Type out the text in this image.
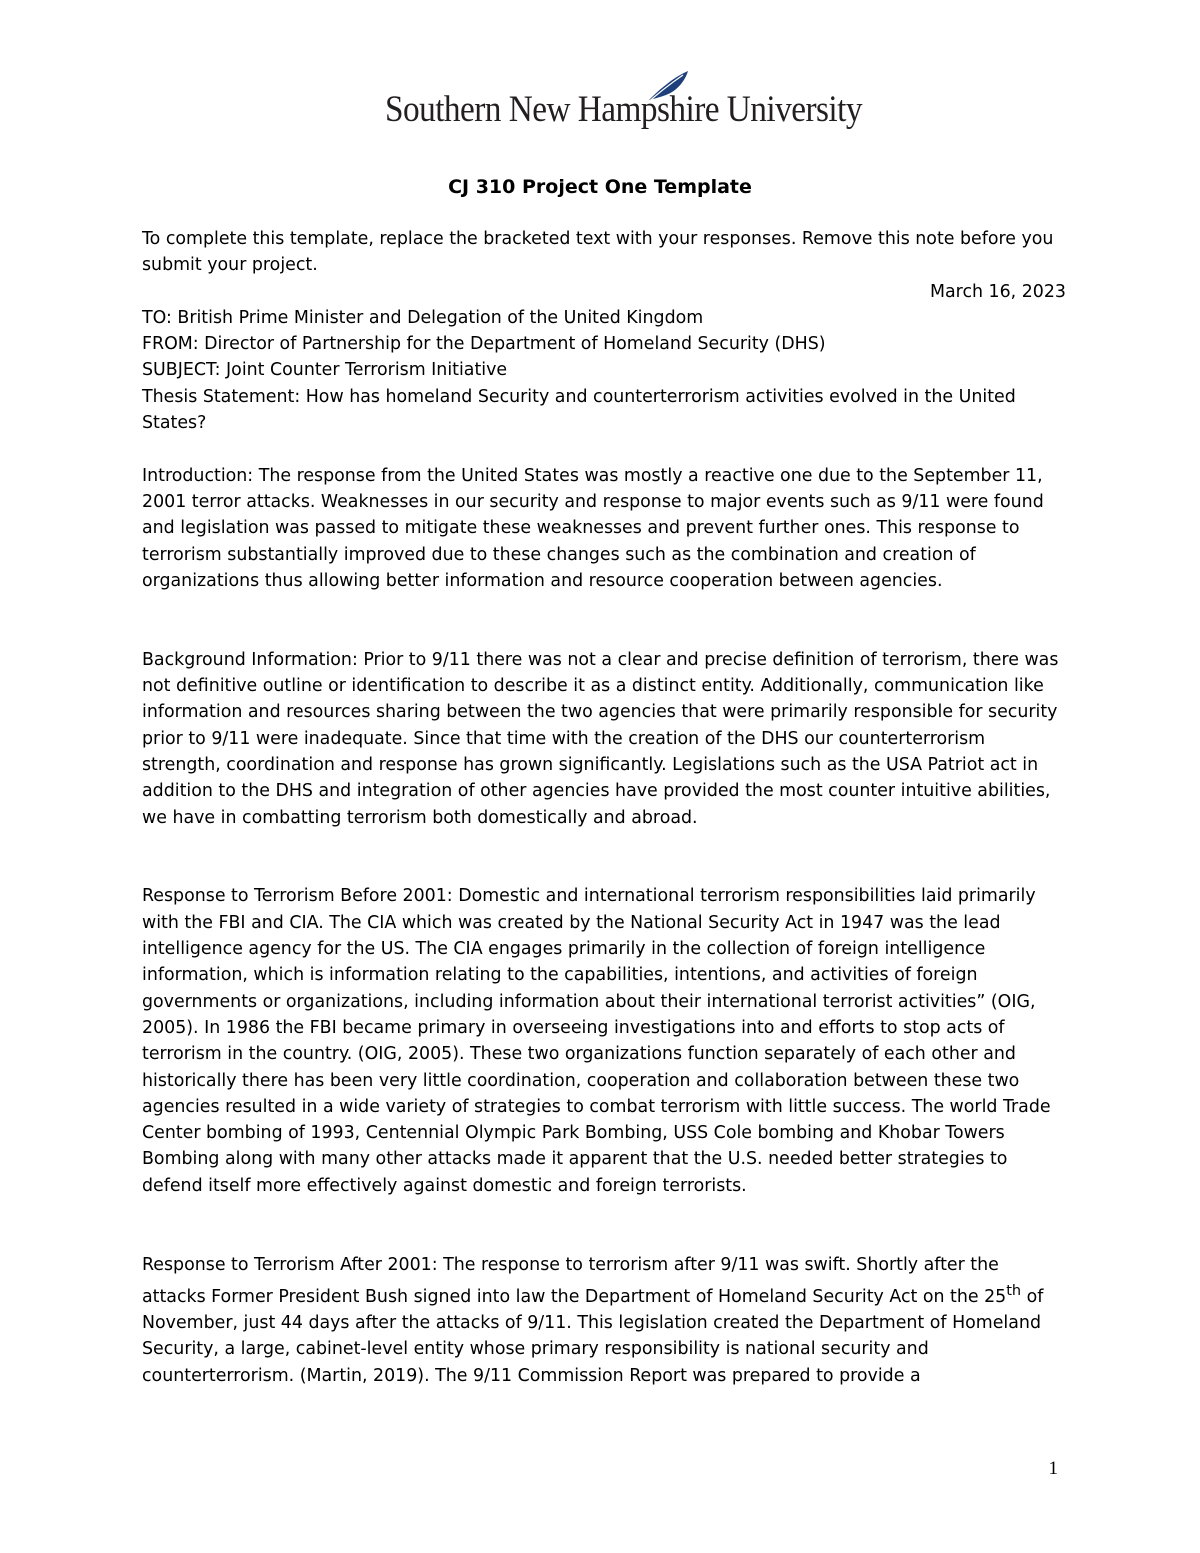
Southern New Hampshire University
CJ 310 Project One Template

To complete this template, replace the bracketed text with your responses. Remove this note before you submit your project.

March 16, 2023

TO: British Prime Minister and Delegation of the United Kingdom

FROM: Director of Partnership for the Department of Homeland Security (DHS)

SUBJECT: Joint Counter Terrorism Initiative

Thesis Statement: How has homeland Security and counterterrorism activities evolved in the United States?

Introduction: The response from the United States was mostly a reactive one due to the September 11, 2001 terror attacks. Weaknesses in our security and response to major events such as 9/11 were found and legislation was passed to mitigate these weaknesses and prevent further ones. This response to terrorism substantially improved due to these changes such as the combination and creation of organizations thus allowing better information and resource cooperation between agencies.

Background Information: Prior to 9/11 there was not a clear and precise definition of terrorism, there was not definitive outline or identification to describe it as a distinct entity. Additionally, communication like information and resources sharing between the two agencies that were primarily responsible for security prior to 9/11 were inadequate. Since that time with the creation of the DHS our counterterrorism strength, coordination and response has grown significantly. Legislations such as the USA Patriot act in addition to the DHS and integration of other agencies have provided the most counter intuitive abilities, we have in combatting terrorism both domestically and abroad.

Response to Terrorism Before 2001: Domestic and international terrorism responsibilities laid primarily with the FBI and CIA. The CIA which was created by the National Security Act in 1947 was the lead intelligence agency for the US. The CIA engages primarily in the collection of foreign intelligence information, which is information relating to the capabilities, intentions, and activities of foreign governments or organizations, including information about their international terrorist activities” (OIG, 2005). In 1986 the FBI became primary in overseeing investigations into and efforts to stop acts of terrorism in the country. (OIG, 2005). These two organizations function separately of each other and historically there has been very little coordination, cooperation and collaboration between these two agencies resulted in a wide variety of strategies to combat terrorism with little success. The world Trade Center bombing of 1993, Centennial Olympic Park Bombing, USS Cole bombing and Khobar Towers Bombing along with many other attacks made it apparent that the U.S. needed better strategies to defend itself more effectively against domestic and foreign terrorists.

Response to Terrorism After 2001: The response to terrorism after 9/11 was swift. Shortly after the attacks Former President Bush signed into law the Department of Homeland Security Act on the 25th of November, just 44 days after the attacks of 9/11. This legislation created the Department of Homeland Security, a large, cabinet-level entity whose primary responsibility is national security and counterterrorism. (Martin, 2019). The 9/11 Commission Report was prepared to provide a

1
